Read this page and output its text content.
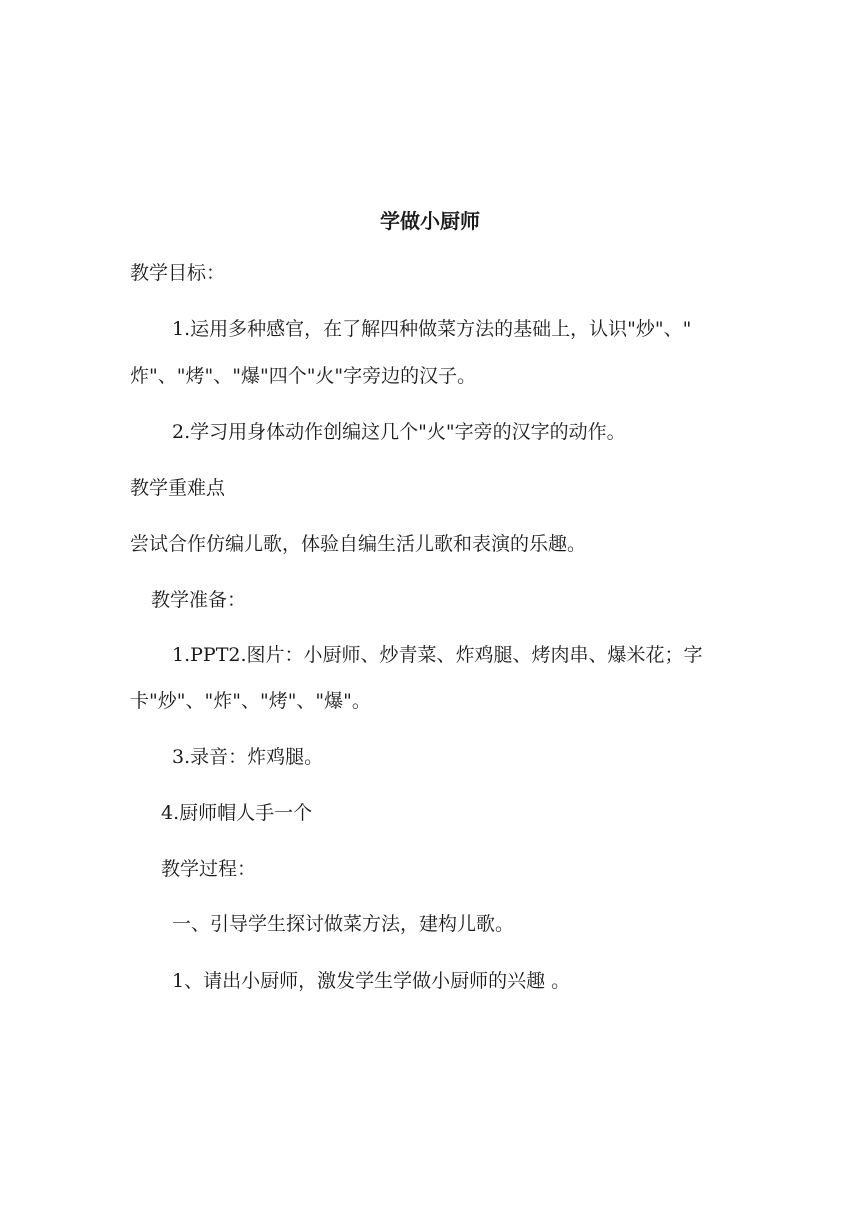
学做小厨师
教学目标：
1.运用多种感官，在了解四种做菜方法的基础上，认识"炒"、"
炸"、"烤"、"爆"四个"火"字旁边的汉子。
2.学习用身体动作创编这几个"火"字旁的汉字的动作。
教学重难点
尝试合作仿编儿歌，体验自编生活儿歌和表演的乐趣。
教学准备：
1.PPT2.图片：小厨师、炒青菜、炸鸡腿、烤肉串、爆米花；字
卡"炒"、"炸"、"烤"、"爆"。
3.录音：炸鸡腿。
4.厨师帽人手一个
教学过程：
一、引导学生探讨做菜方法，建构儿歌。
1、请出小厨师，激发学生学做小厨师的兴趣 。
